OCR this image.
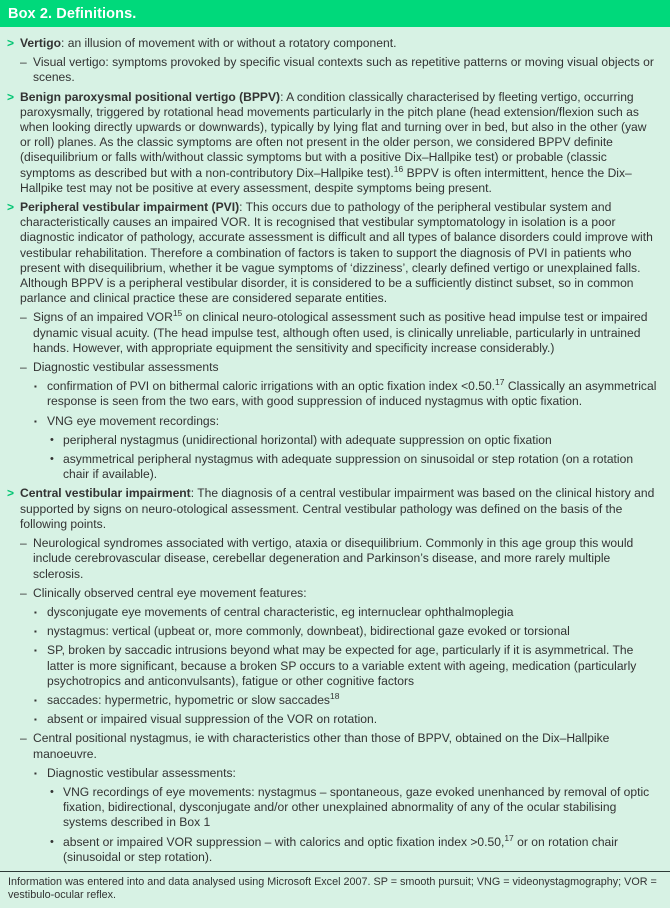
Box 2. Definitions.
> Vertigo: an illusion of movement with or without a rotatory component.
– Visual vertigo: symptoms provoked by specific visual contexts such as repetitive patterns or moving visual objects or scenes.
> Benign paroxysmal positional vertigo (BPPV): A condition classically characterised by fleeting vertigo, occurring paroxysmally, triggered by rotational head movements particularly in the pitch plane (head extension/flexion such as when looking directly upwards or downwards), typically by lying flat and turning over in bed, but also in the other (yaw or roll) planes. As the classic symptoms are often not present in the older person, we considered BPPV definite (disequilibrium or falls with/without classic symptoms but with a positive Dix–Hallpike test) or probable (classic symptoms as described but with a non-contributory Dix–Hallpike test).$^{16}$ BPPV is often intermittent, hence the Dix–Hallpike test may not be positive at every assessment, despite symptoms being present.
> Peripheral vestibular impairment (PVI): This occurs due to pathology of the peripheral vestibular system and characteristically causes an impaired VOR. It is recognised that vestibular symptomatology in isolation is a poor diagnostic indicator of pathology, accurate assessment is difficult and all types of balance disorders could improve with vestibular rehabilitation. Therefore a combination of factors is taken to support the diagnosis of PVI in patients who present with disequilibrium, whether it be vague symptoms of ‘dizziness’, clearly defined vertigo or unexplained falls. Although BPPV is a peripheral vestibular disorder, it is considered to be a sufficiently distinct subset, so in common parlance and clinical practice these are considered separate entities.
– Signs of an impaired VOR$^{15}$ on clinical neuro-otological assessment such as positive head impulse test or impaired dynamic visual acuity. (The head impulse test, although often used, is clinically unreliable, particularly in untrained hands. However, with appropriate equipment the sensitivity and specificity increase considerably.)
– Diagnostic vestibular assessments
▪ confirmation of PVI on bithermal caloric irrigations with an optic fixation index <0.50.17 Classically an asymmetrical response is seen from the two ears, with good suppression of induced nystagmus with optic fixation.
▪ VNG eye movement recordings:
• peripheral nystagmus (unidirectional horizontal) with adequate suppression on optic fixation
• asymmetrical peripheral nystagmus with adequate suppression on sinusoidal or step rotation (on a rotation chair if available).
> Central vestibular impairment: The diagnosis of a central vestibular impairment was based on the clinical history and supported by signs on neuro-otological assessment. Central vestibular pathology was defined on the basis of the following points.
– Neurological syndromes associated with vertigo, ataxia or disequilibrium. Commonly in this age group this would include cerebrovascular disease, cerebellar degeneration and Parkinson’s disease, and more rarely multiple sclerosis.
– Clinically observed central eye movement features:
▪ dysconjugate eye movements of central characteristic, eg internuclear ophthalmoplegia
▪ nystagmus: vertical (upbeat or, more commonly, downbeat), bidirectional gaze evoked or torsional
▪ SP, broken by saccadic intrusions beyond what may be expected for age, particularly if it is asymmetrical. The latter is more significant, because a broken SP occurs to a variable extent with ageing, medication (particularly psychotropics and anticonvulsants), fatigue or other cognitive factors
▪ saccades: hypermetric, hypometric or slow saccades$^{18}$
▪ absent or impaired visual suppression of the VOR on rotation.
– Central positional nystagmus, ie with characteristics other than those of BPPV, obtained on the Dix–Hallpike manoeuvre.
▪ Diagnostic vestibular assessments:
• VNG recordings of eye movements: nystagmus – spontaneous, gaze evoked unenhanced by removal of optic fixation, bidirectional, dysconjugate and/or other unexplained abnormality of any of the ocular stabilising systems described in Box 1
• absent or impaired VOR suppression – with calorics and optic fixation index >0.50,17 or on rotation chair (sinusoidal or step rotation).
Information was entered into and data analysed using Microsoft Excel 2007. SP = smooth pursuit; VNG = videonystagmography; VOR = vestibulo-ocular reflex.
